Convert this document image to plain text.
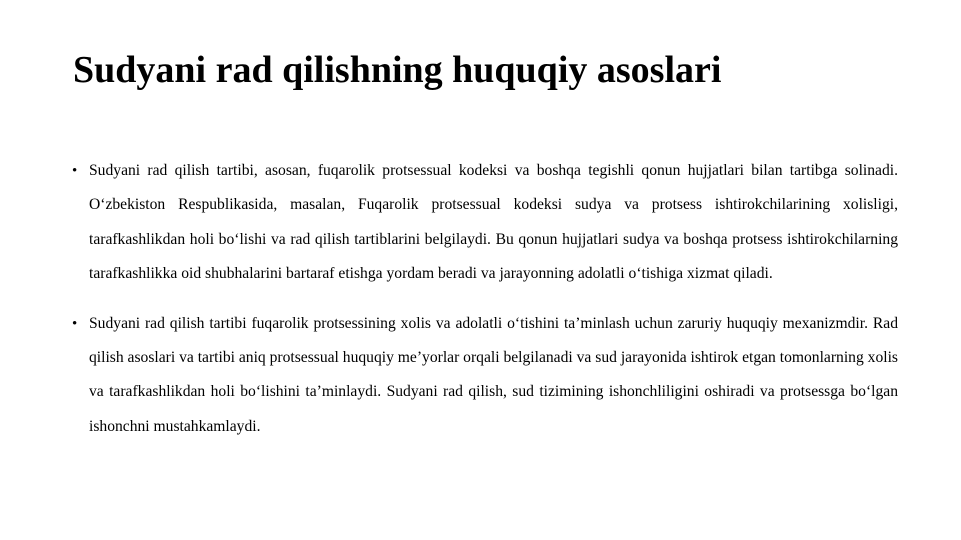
Sudyani rad qilishning huquqiy asoslari

• Sudyani rad qilish tartibi, asosan, fuqarolik protsessual kodeksi va boshqa tegishli qonun hujjatlari bilan tartibga solinadi. O‘zbekiston Respublikasida, masalan, Fuqarolik protsessual kodeksi sudya va protsess ishtirokchilarining xolisligi, tarafkashlikdan holi bo‘lishi va rad qilish tartiblarini belgilaydi. Bu qonun hujjatlari sudya va boshqa protsess ishtirokchilarning tarafkashlikka oid shubhalarini bartaraf etishga yordam beradi va jarayonning adolatli o‘tishiga xizmat qiladi.

• Sudyani rad qilish tartibi fuqarolik protsessining xolis va adolatli o‘tishini ta’minlash uchun zaruriy huquqiy mexanizmdir. Rad qilish asoslari va tartibi aniq protsessual huquqiy me’yorlar orqali belgilanadi va sud jarayonida ishtirok etgan tomonlarning xolis va tarafkashlikdan holi bo‘lishini ta’minlaydi. Sudyani rad qilish, sud tizimining ishonchliligini oshiradi va protsessga bo‘lgan ishonchni mustahkamlaydi.
